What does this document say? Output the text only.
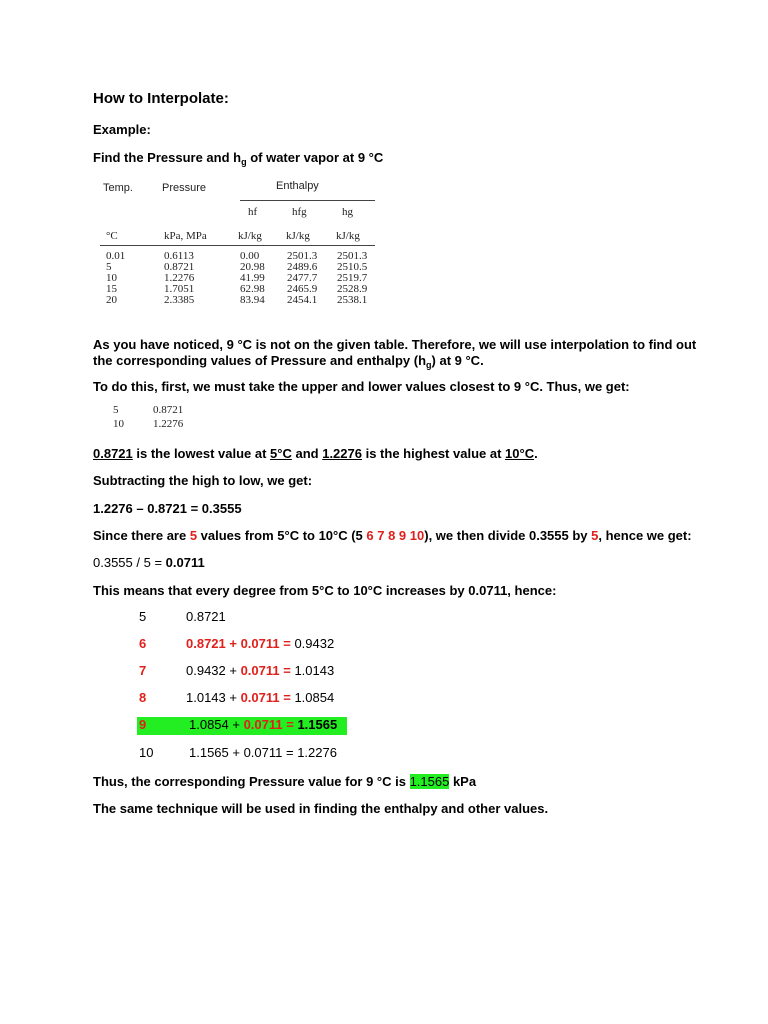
How to Interpolate:
Example:
Find the Pressure and $h_g$ of water vapor at 9 °C
Temp.	Pressure	Enthalpy
hf	hfg	hg
°C	kPa, MPa	kJ/kg kJ/kg kJ/kg
0.01	0.6113	0.00	2501.3 2501.3
5	0.8721	20.98 2489.6 2510.5
10	1.2276	41.99 2477.7 2519.7
15	1.7051	62.98 2465.9 2528.9
20	2.3385	83.94 2454.1 2538.1
As you have noticed, 9 °C is not on the given table. Therefore, we will use interpolation to find out
the corresponding values of Pressure and enthalpy $(h_g)$ at 9 °C.
To do this, first, we must take the upper and lower values closest to 9 °C. Thus, we get:
5	0.8721
10	1.2276
0.8721 is the lowest value at 5°C and 1.2276 is the highest value at 10°C.
Subtracting the high to low, we get:
1.2276 – 0.8721 = 0.3555
Since there are 5 values from 5°C to 10°C (5 6 7 8 9 10), we then divide 0.3555 by 5, hence we get:
0.3555 / 5 = 0.0711
This means that every degree from 5°C to 10°C increases by 0.0711, hence:
5	0.8721
6	0.8721 + 0.0711 = 0.9432
7	0.9432 + 0.0711 = 1.0143
8	1.0143 + 0.0711 = 1.0854
9	1.0854 + 0.0711 = 1.1565
10	1.1565 + 0.0711 = 1.2276
Thus, the corresponding Pressure value for 9 °C is 1.1565 kPa
The same technique will be used in finding the enthalpy and other values.
